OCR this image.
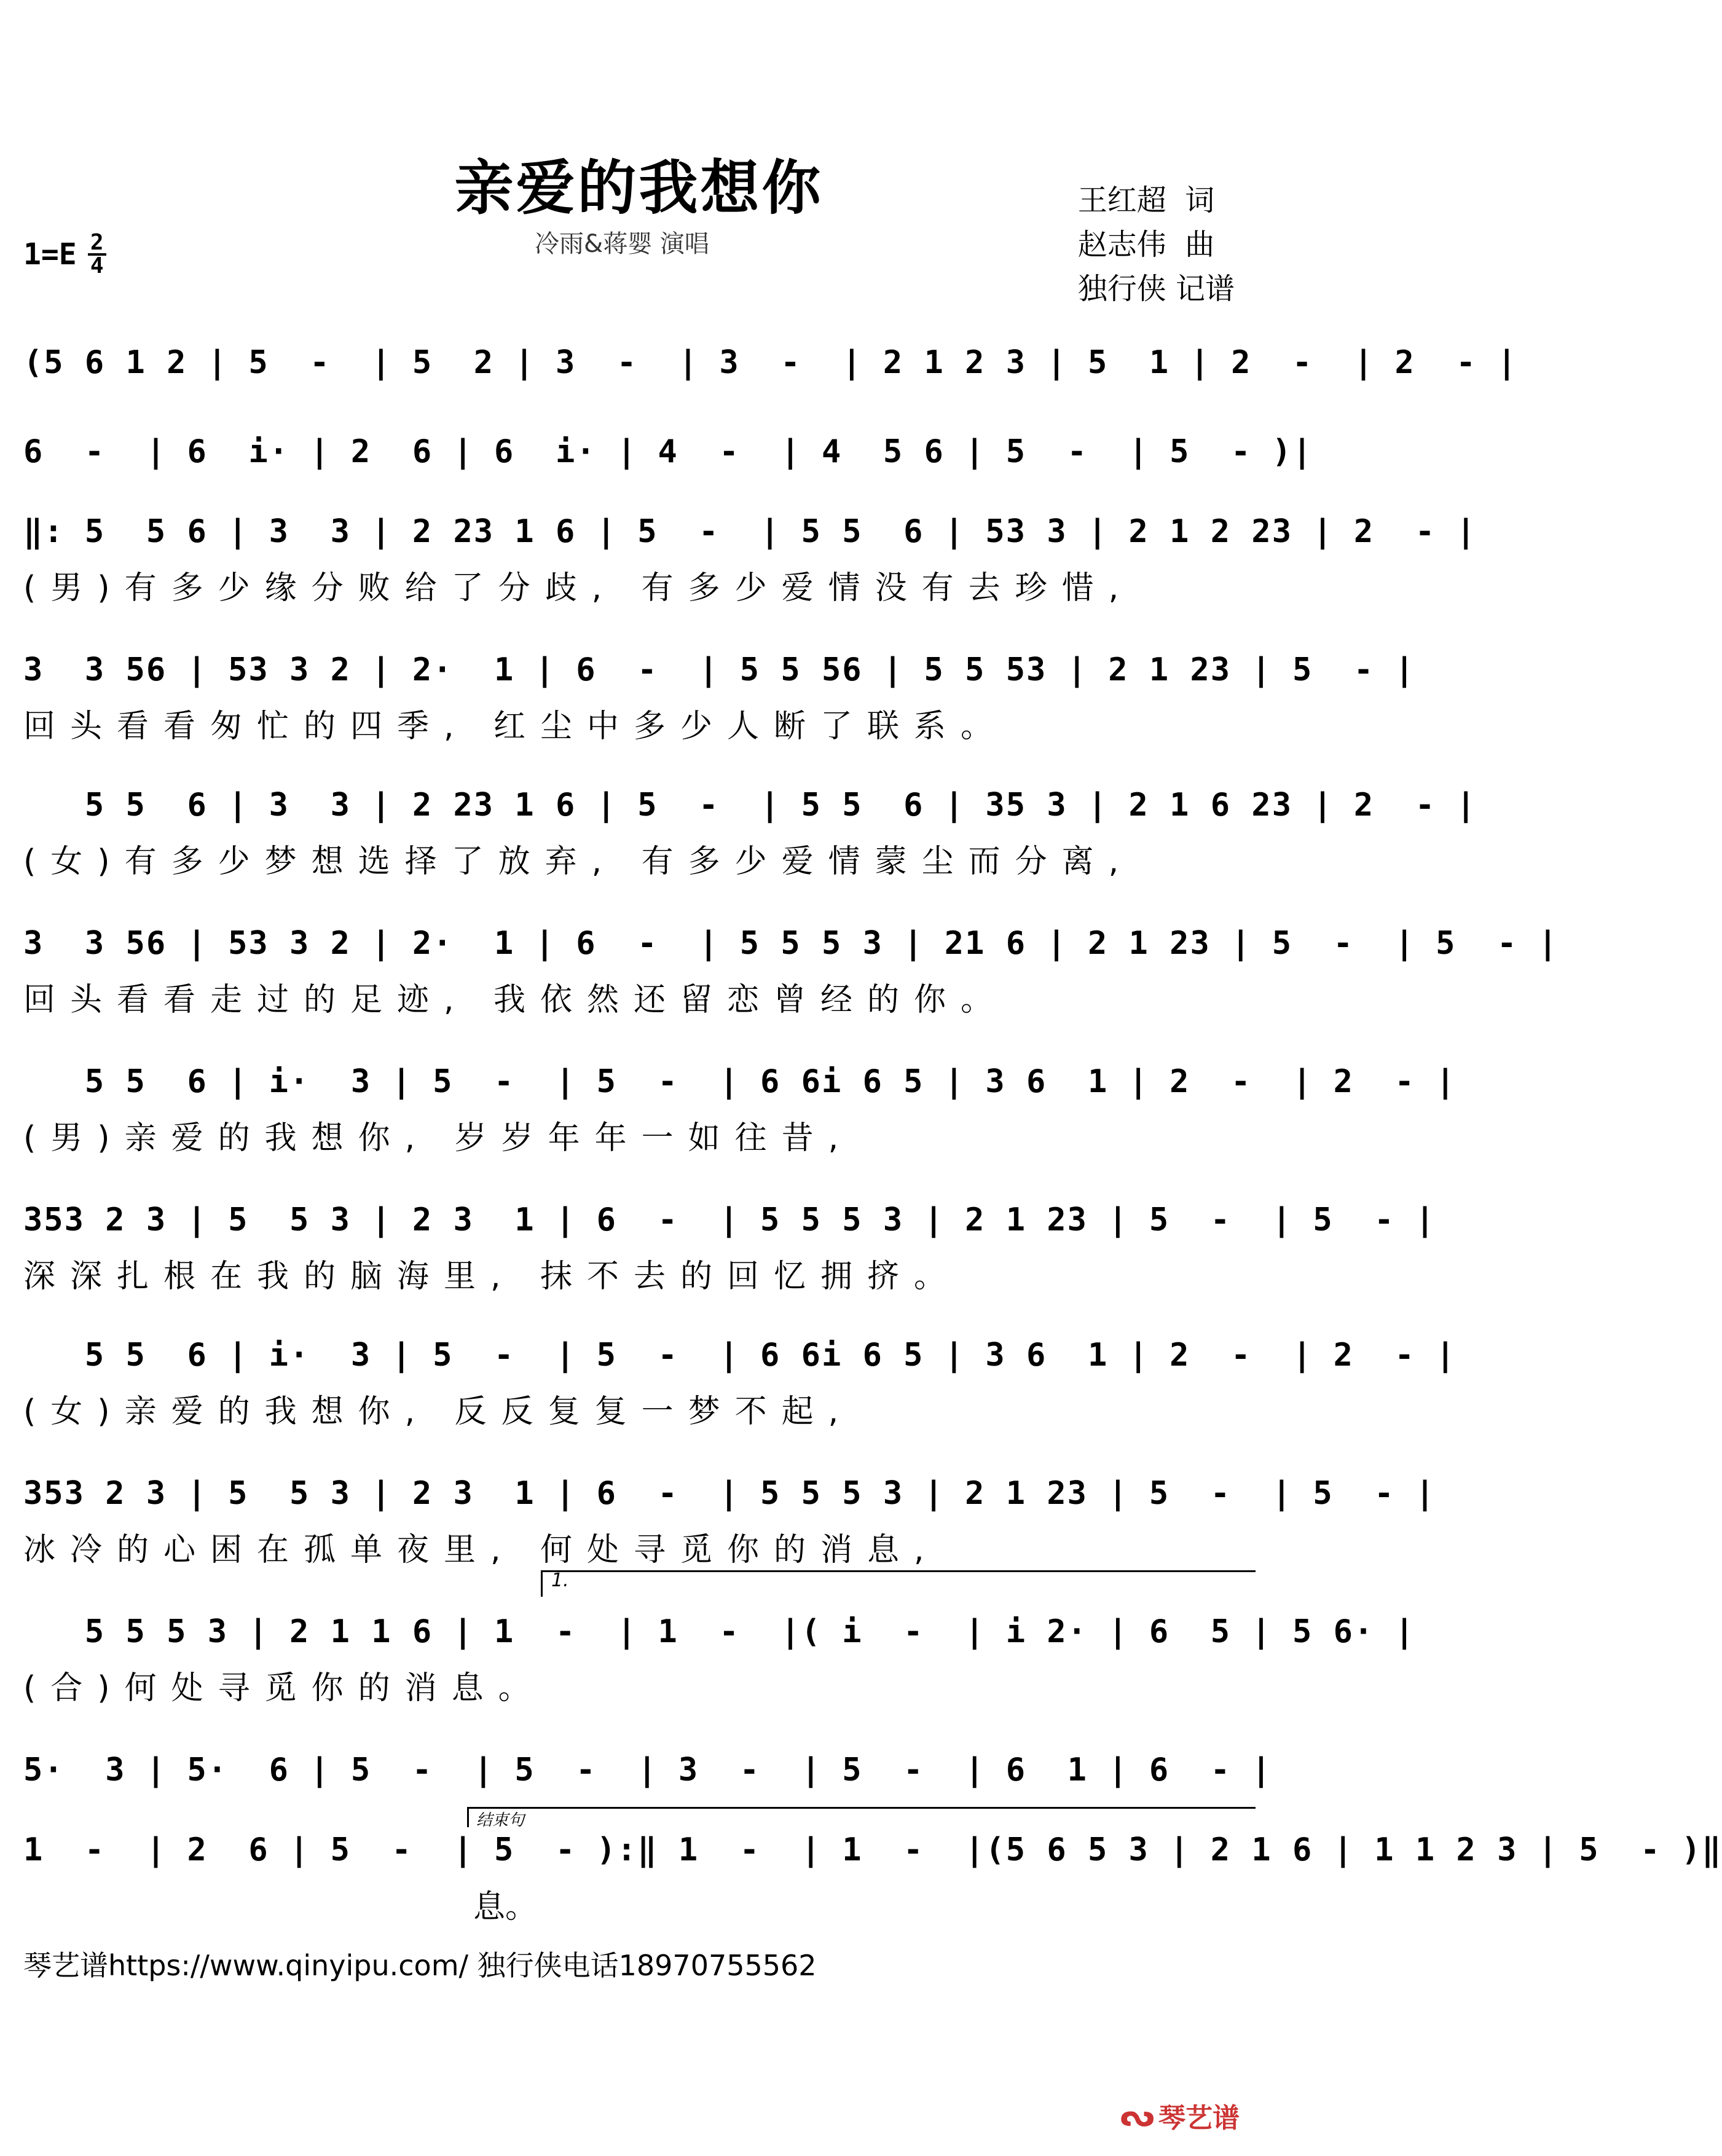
亲爱的我想你
冷雨&蒋婴 演唱
王红超  词
赵志伟  曲
独行侠 记谱
$1=E \frac{2}{4}$
(5 6 1 2 | 5  -  | 5  2 | 3  -  | 3  -  | 2 1 2 3 | 5  1 | 2  -  | 2  - |
6  -  | 6  i· | 2  6 | 6  i· | 4  -  | 4  5 6 | 5  -  | 5  - )|
‖: 5  5 6 | 3  3 | 2 23 1 6 | 5  -  | 5 5  6 | 53 3 | 2 1 2 23 | 2  - |
(男)有多少缘分败给了分歧, 有多少爱情没有去珍惜,
3  3 56 | 53 3 2 | 2·  1 | 6  -  | 5 5 56 | 5 5 53 | 2 1 23 | 5  - |
回头看看匆忙的四季, 红尘中多少人断了联系。
5 5  6 | 3  3 | 2 23 1 6 | 5  -  | 5 5  6 | 35 3 | 2 1 6 23 | 2  - |
(女)有多少梦想选择了放弃, 有多少爱情蒙尘而分离,
3  3 56 | 53 3 2 | 2·  1 | 6  -  | 5 5 5 3 | 21 6 | 2 1 23 | 5  -  | 5  - |
回头看看走过的足迹, 我依然还留恋曾经的你。
5 5  6 | i·  3 | 5  -  | 5  -  | 6 6i 6 5 | 3 6  1 | 2  -  | 2  - |
(男)亲爱的我想你, 岁岁年年一如往昔,
353 2 3 | 5  5 3 | 2 3  1 | 6  -  | 5 5 5 3 | 2 1 23 | 5  -  | 5  - |
深深扎根在我的脑海里, 抹不去的回忆拥挤。
5 5  6 | i·  3 | 5  -  | 5  -  | 6 6i 6 5 | 3 6  1 | 2  -  | 2  - |
(女)亲爱的我想你, 反反复复一梦不起,
353 2 3 | 5  5 3 | 2 3  1 | 6  -  | 5 5 5 3 | 2 1 23 | 5  -  | 5  - |
冰冷的心困在孤单夜里, 何处寻觅你的消息,
1.
5 5 5 3 | 2 1 1 6 | 1  -  | 1  -  |( i  -  | i 2· | 6  5 | 5 6· |
(合)何处寻觅你的消息。
5·  3 | 5·  6 | 5  -  | 5  -  | 3  -  | 5  -  | 6  1 | 6  - |
结束句
1  -  | 2  6 | 5  -  | 5  - ):‖ 1  -  | 1  -  |(5 6 5 3 | 2 1 6 | 1 1 2 3 | 5  - )‖
息。
琴艺谱https://www.qinyipu.com/ 独行侠电话18970755562
ᔓ 琴艺谱
